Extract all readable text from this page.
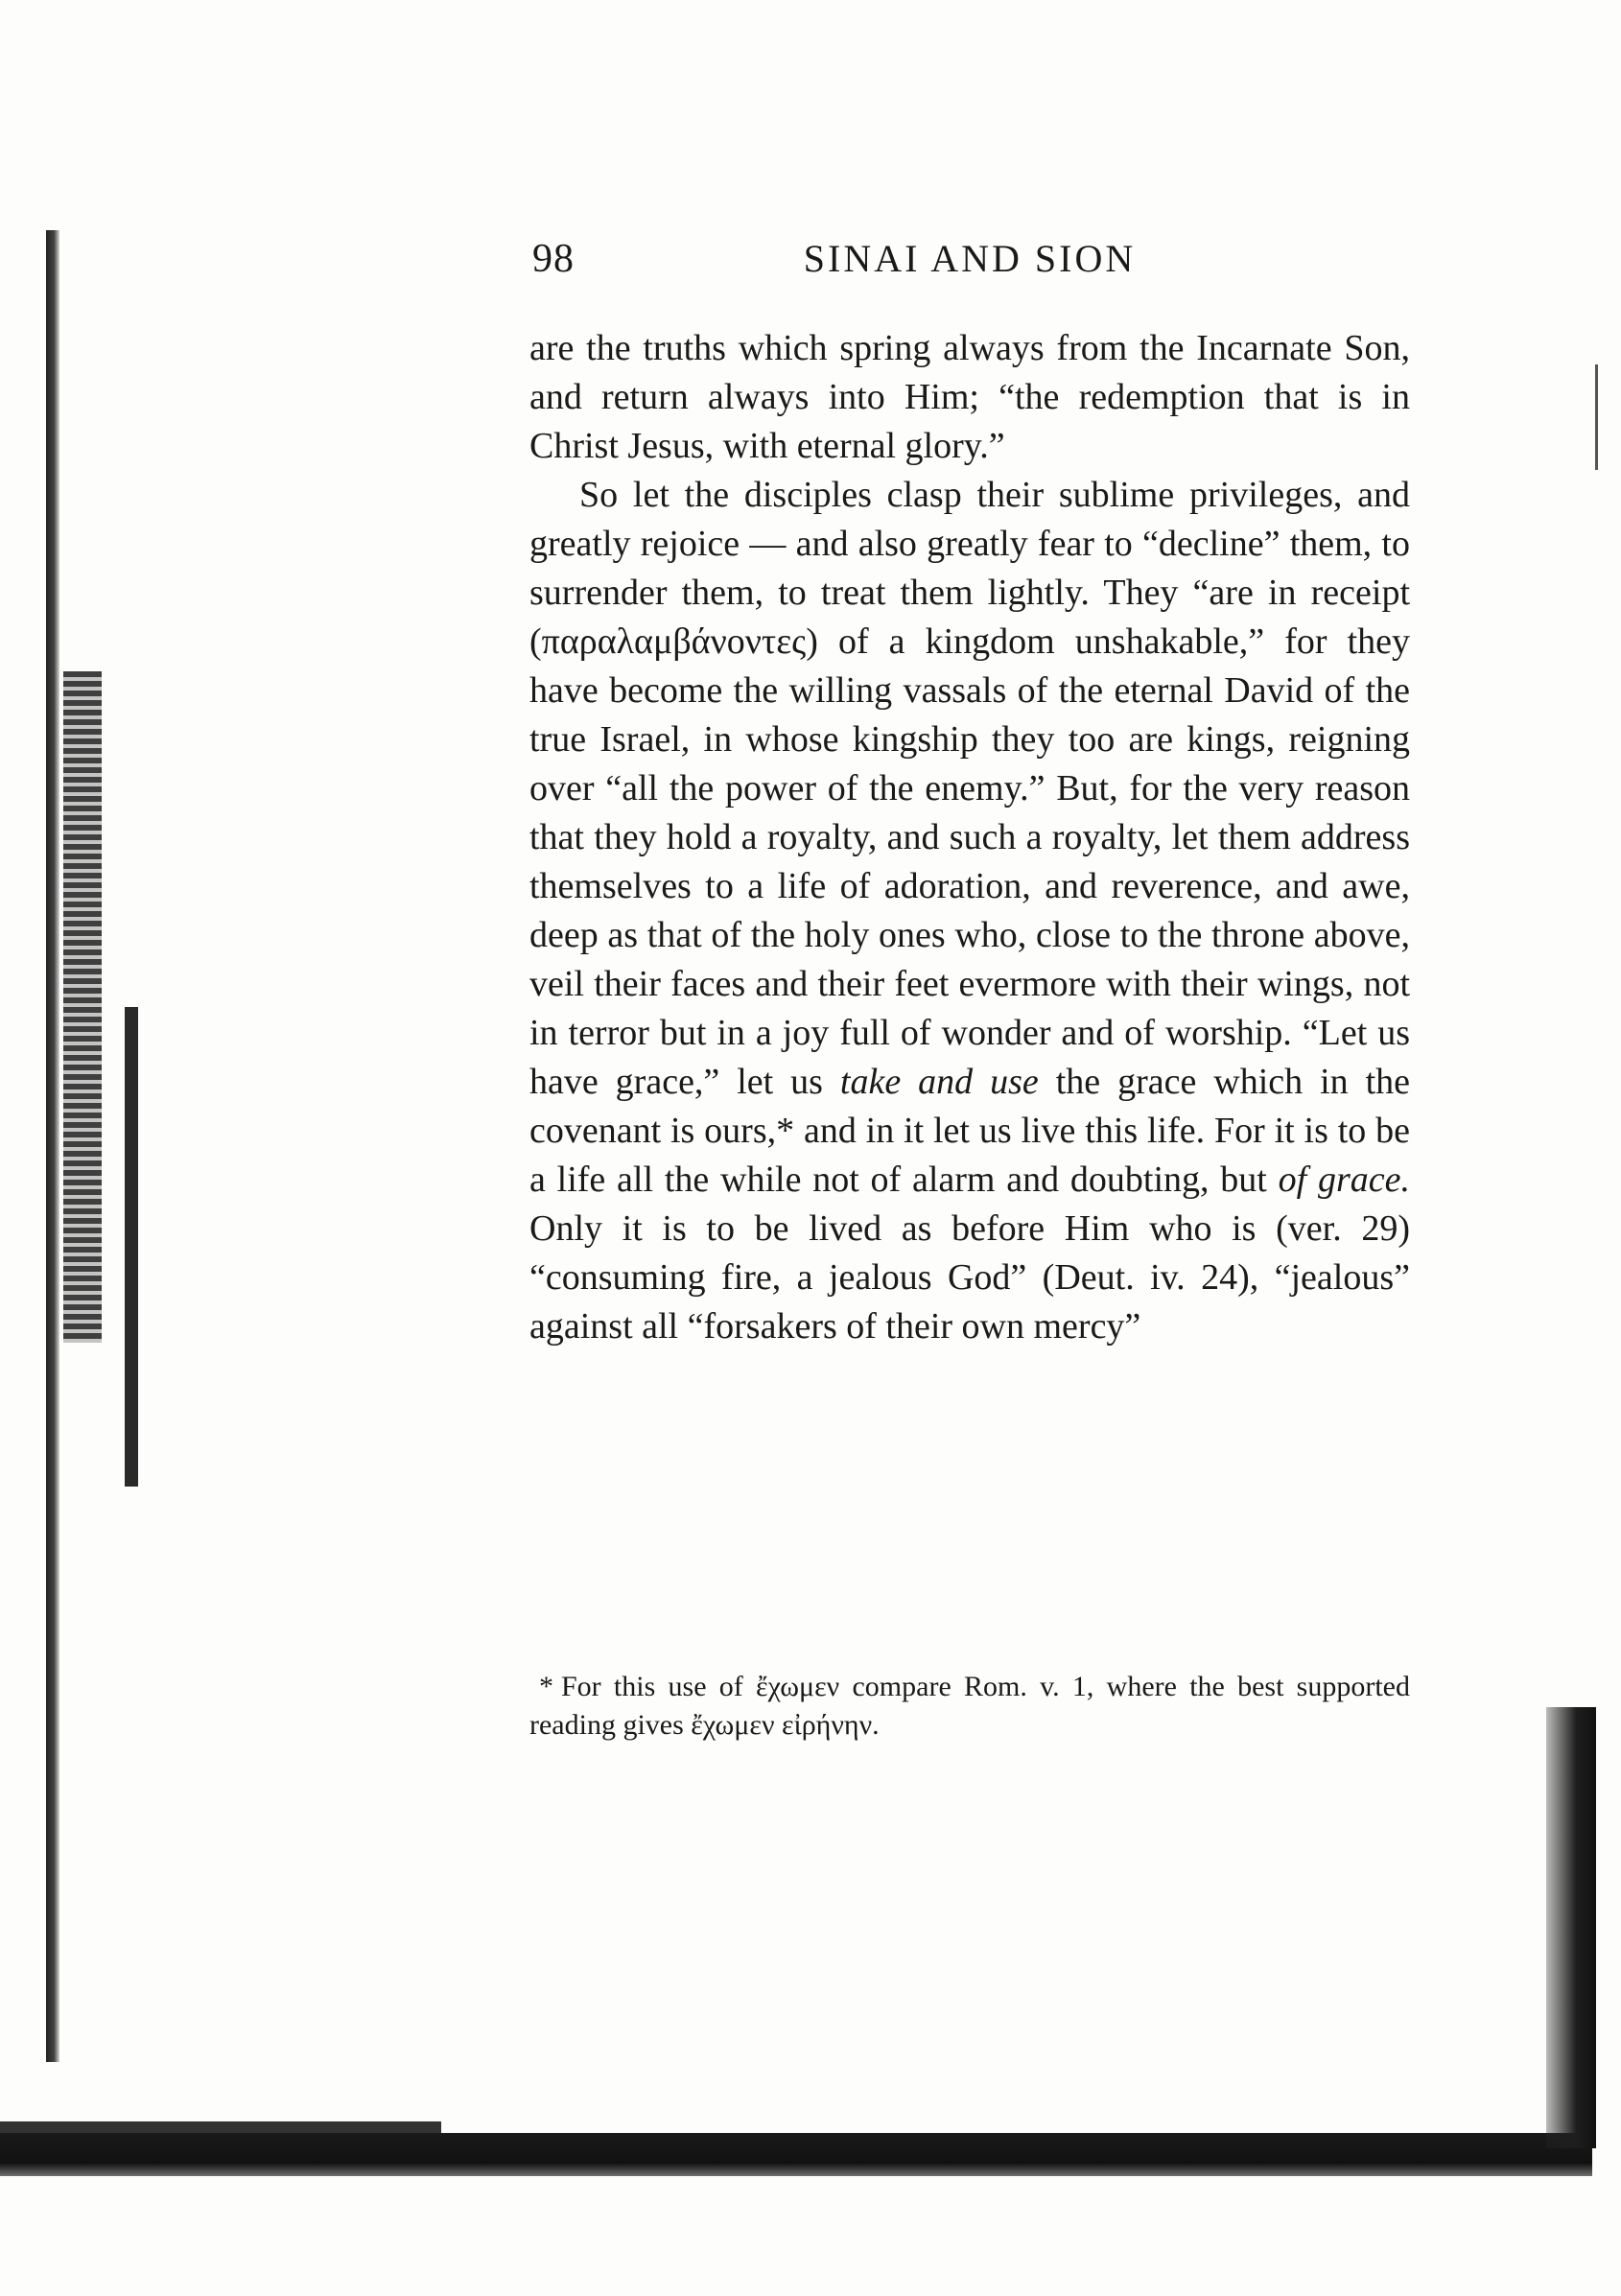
98	SINAI AND SION

are the truths which spring always from the Incarnate Son, and return always into Him; “the redemption that is in Christ Jesus, with eternal glory.”

So let the disciples clasp their sublime privileges, and greatly rejoice — and also greatly fear to “decline” them, to surrender them, to treat them lightly. They “are in receipt (παραλαμβάνοντες) of a kingdom unshakable,” for they have become the willing vassals of the eternal David of the true Israel, in whose kingship they too are kings, reigning over “all the power of the enemy.” But, for the very reason that they hold a royalty, and such a royalty, let them address themselves to a life of adoration, and reverence, and awe, deep as that of the holy ones who, close to the throne above, veil their faces and their feet evermore with their wings, not in terror but in a joy full of wonder and of worship. “Let us have grace,” let us take and use the grace which in the covenant is ours,* and in it let us live this life. For it is to be a life all the while not of alarm and doubting, but of grace. Only it is to be lived as before Him who is (ver. 29) “consuming fire, a jealous God” (Deut. iv. 24), “jealous” against all “forsakers of their own mercy”

* For this use of ἔχωμεν compare Rom. v. 1, where the best supported reading gives ἔχωμεν εἰρήνην.
